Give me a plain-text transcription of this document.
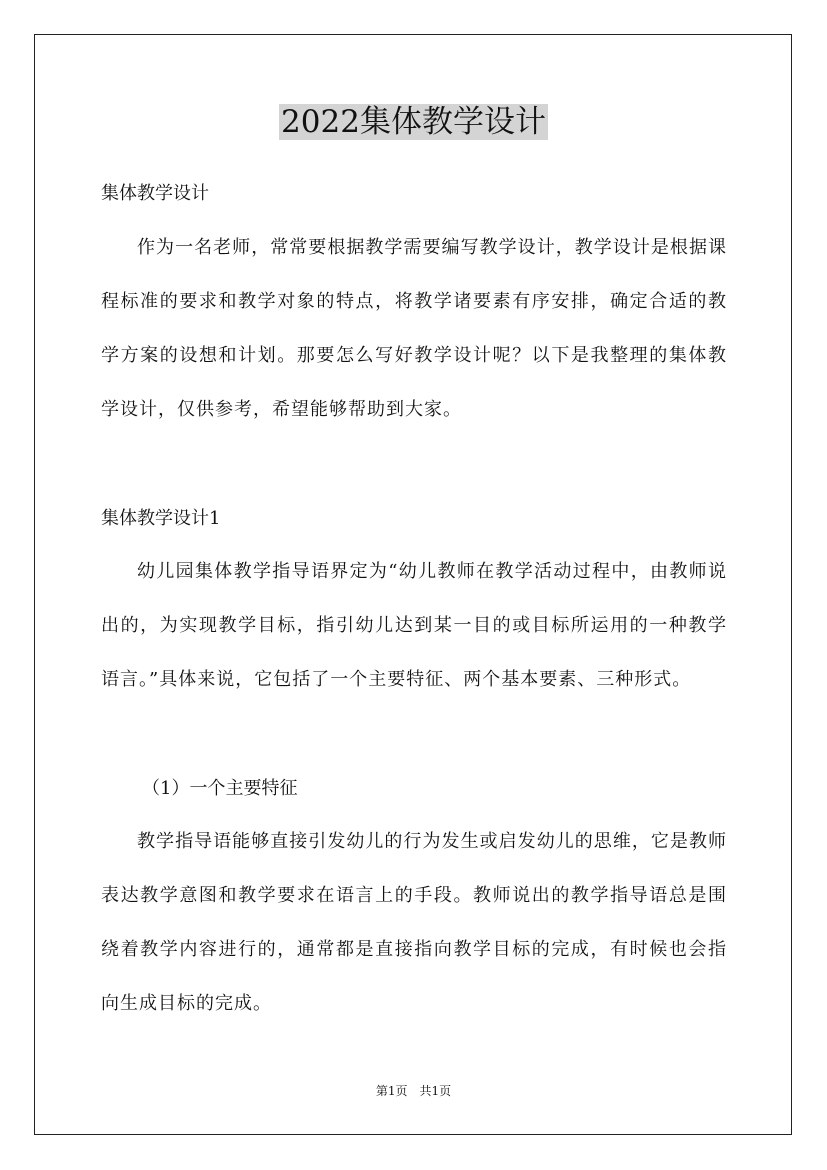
2022集体教学设计

集体教学设计

作为一名老师，常常要根据教学需要编写教学设计，教学设计是根据课程标准的要求和教学对象的特点，将教学诸要素有序安排，确定合适的教学方案的设想和计划。那要怎么写好教学设计呢？以下是我整理的集体教学设计，仅供参考，希望能够帮助到大家。

集体教学设计1

幼儿园集体教学指导语界定为“幼儿教师在教学活动过程中，由教师说出的，为实现教学目标，指引幼儿达到某一目的或目标所运用的一种教学语言。”具体来说，它包括了一个主要特征、两个基本要素、三种形式。

（1）一个主要特征

教学指导语能够直接引发幼儿的行为发生或启发幼儿的思维，它是教师表达教学意图和教学要求在语言上的手段。教师说出的教学指导语总是围绕着教学内容进行的，通常都是直接指向教学目标的完成，有时候也会指向生成目标的完成。

第1页　共1页
